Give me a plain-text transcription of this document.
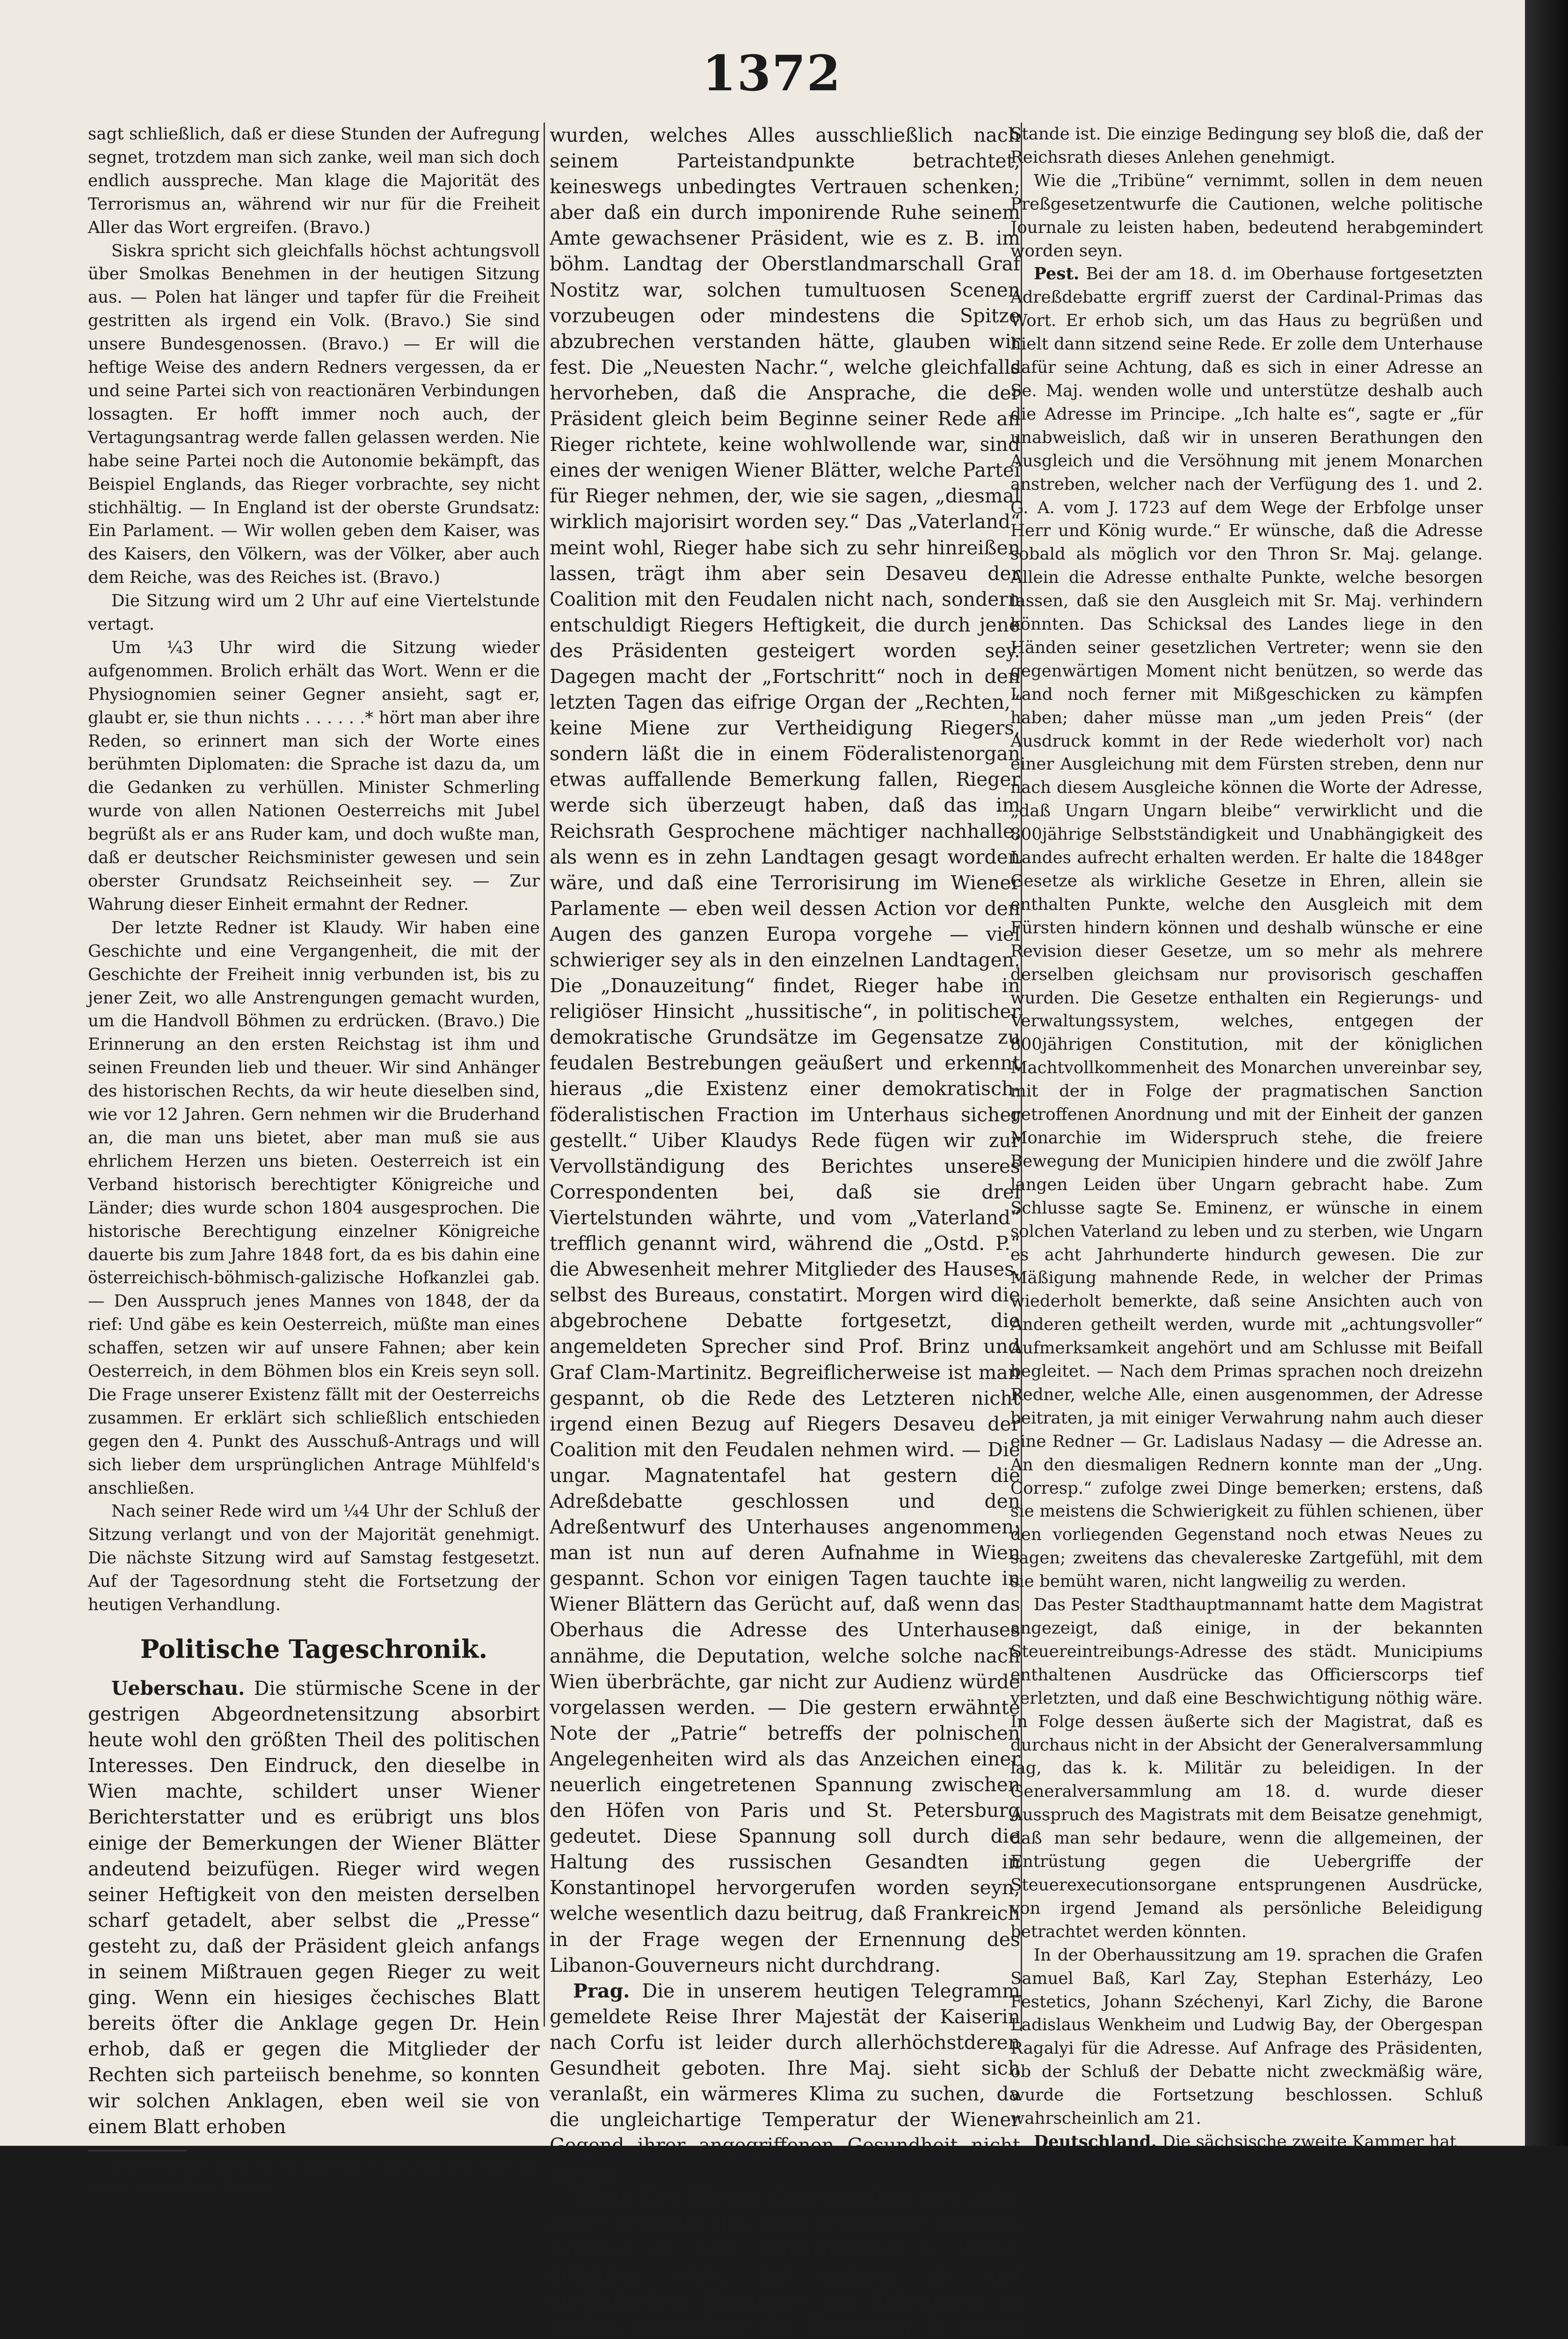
1372

sagt schließlich, daß er diese Stunden der Aufregung segnet, trotzdem man sich zanke, weil man sich doch endlich ausspreche. Man klage die Majorität des Terrorismus an, während wir nur für die Freiheit Aller das Wort ergreifen. (Bravo.)

Siskra spricht sich gleichfalls höchst achtungsvoll über Smolkas Benehmen in der heutigen Sitzung aus. — Polen hat länger und tapfer für die Freiheit gestritten als irgend ein Volk. (Bravo.) Sie sind unsere Bundesgenossen. (Bravo.) — Er will die heftige Weise des andern Redners vergessen, da er und seine Partei sich von reactionären Verbindungen lossagten. Er hofft immer noch auch, der Vertagungsantrag werde fallen gelassen werden. Nie habe seine Partei noch die Autonomie bekämpft, das Beispiel Englands, das Rieger vorbrachte, sey nicht stichhältig. — In England ist der oberste Grundsatz: Ein Parlament. — Wir wollen geben dem Kaiser, was des Kaisers, den Völkern, was der Völker, aber auch dem Reiche, was des Reiches ist. (Bravo.)

Die Sitzung wird um 2 Uhr auf eine Viertelstunde vertagt.

Um ¼3 Uhr wird die Sitzung wieder aufgenommen. Brolich erhält das Wort. Wenn er die Physiognomien seiner Gegner ansieht, sagt er, glaubt er, sie thun nichts . . . . . .* hört man aber ihre Reden, so erinnert man sich der Worte eines berühmten Diplomaten: die Sprache ist dazu da, um die Gedanken zu verhüllen. Minister Schmerling wurde von allen Nationen Oesterreichs mit Jubel begrüßt als er ans Ruder kam, und doch wußte man, daß er deutscher Reichsminister gewesen und sein oberster Grundsatz Reichseinheit sey. — Zur Wahrung dieser Einheit ermahnt der Redner.

Der letzte Redner ist Klaudy. Wir haben eine Geschichte und eine Vergangenheit, die mit der Geschichte der Freiheit innig verbunden ist, bis zu jener Zeit, wo alle Anstrengungen gemacht wurden, um die Handvoll Böhmen zu erdrücken. (Bravo.) Die Erinnerung an den ersten Reichstag ist ihm und seinen Freunden lieb und theuer. Wir sind Anhänger des historischen Rechts, da wir heute dieselben sind, wie vor 12 Jahren. Gern nehmen wir die Bruderhand an, die man uns bietet, aber man muß sie aus ehrlichem Herzen uns bieten. Oesterreich ist ein Verband historisch berechtigter Königreiche und Länder; dies wurde schon 1804 ausgesprochen. Die historische Berechtigung einzelner Königreiche dauerte bis zum Jahre 1848 fort, da es bis dahin eine österreichisch-böhmisch-galizische Hofkanzlei gab. — Den Ausspruch jenes Mannes von 1848, der da rief: Und gäbe es kein Oesterreich, müßte man eines schaffen, setzen wir auf unsere Fahnen; aber kein Oesterreich, in dem Böhmen blos ein Kreis seyn soll. Die Frage unserer Existenz fällt mit der Oesterreichs zusammen. Er erklärt sich schließlich entschieden gegen den 4. Punkt des Ausschuß-Antrags und will sich lieber dem ursprünglichen Antrage Mühlfeld's anschließen.

Nach seiner Rede wird um ¼4 Uhr der Schluß der Sitzung verlangt und von der Majorität genehmigt. Die nächste Sitzung wird auf Samstag festgesetzt. Auf der Tagesordnung steht die Fortsetzung der heutigen Verhandlung.

Politische Tageschronik.

Ueberschau. Die stürmische Scene in der gestrigen Abgeordnetensitzung absorbirt heute wohl den größten Theil des politischen Interesses. Den Eindruck, den dieselbe in Wien machte, schildert unser Wiener Berichterstatter und es erübrigt uns blos einige der Bemerkungen der Wiener Blätter andeutend beizufügen. Rieger wird wegen seiner Heftigkeit von den meisten derselben scharf getadelt, aber selbst die „Presse“ gesteht zu, daß der Präsident gleich anfangs in seinem Mißtrauen gegen Rieger zu weit ging. Wenn ein hiesiges čechisches Blatt bereits öfter die Anklage gegen Dr. Hein erhob, daß er gegen die Mitglieder der Rechten sich parteiisch benehme, so konnten wir solchen Anklagen, eben weil sie von einem Blatt erhoben

* Das fehlende Wort ist so undeutlich geschrieben, daß wir es nicht entziffern können.

wurden, welches Alles ausschließlich nach seinem Parteistandpunkte betrachtet, keineswegs unbedingtes Vertrauen schenken; aber daß ein durch imponirende Ruhe seinem Amte gewachsener Präsident, wie es z. B. im böhm. Landtag der Oberstlandmarschall Graf Nostitz war, solchen tumultuosen Scenen vorzubeugen oder mindestens die Spitze abzubrechen verstanden hätte, glauben wir fest. Die „Neuesten Nachr.“, welche gleichfalls hervorheben, daß die Ansprache, die der Präsident gleich beim Beginne seiner Rede an Rieger richtete, keine wohlwollende war, sind eines der wenigen Wiener Blätter, welche Partei für Rieger nehmen, der, wie sie sagen, „diesmal wirklich majorisirt worden sey.“ Das „Vaterland“ meint wohl, Rieger habe sich zu sehr hinreißen lassen, trägt ihm aber sein Desaveu der Coalition mit den Feudalen nicht nach, sondern entschuldigt Riegers Heftigkeit, die durch jene des Präsidenten gesteigert worden sey. Dagegen macht der „Fortschritt“ noch in den letzten Tagen das eifrige Organ der „Rechten,“ keine Miene zur Vertheidigung Riegers, sondern läßt die in einem Föderalistenorgan etwas auffallende Bemerkung fallen, Rieger werde sich überzeugt haben, daß das im Reichsrath Gesprochene mächtiger nachhalle, als wenn es in zehn Landtagen gesagt worden wäre, und daß eine Terrorisirung im Wiener Parlamente — eben weil dessen Action vor den Augen des ganzen Europa vorgehe — viel schwieriger sey als in den einzelnen Landtagen. Die „Donauzeitung“ findet, Rieger habe in religiöser Hinsicht „hussitische“, in politischer demokratische Grundsätze im Gegensatze zu feudalen Bestrebungen geäußert und erkennt hieraus „die Existenz einer demokratisch-föderalistischen Fraction im Unterhaus sicher gestellt.“ Uiber Klaudys Rede fügen wir zur Vervollständigung des Berichtes unseres Correspondenten bei, daß sie drei Viertelstunden währte, und vom „Vaterland“ trefflich genannt wird, während die „Ostd. P.“ die Abwesenheit mehrer Mitglieder des Hauses, selbst des Bureaus, constatirt. Morgen wird die abgebrochene Debatte fortgesetzt, die angemeldeten Sprecher sind Prof. Brinz und Graf Clam-Martinitz. Begreiflicherweise ist man gespannt, ob die Rede des Letzteren nicht irgend einen Bezug auf Riegers Desaveu der Coalition mit den Feudalen nehmen wird. — Die ungar. Magnatentafel hat gestern die Adreßdebatte geschlossen und den Adreßentwurf des Unterhauses angenommen; man ist nun auf deren Aufnahme in Wien gespannt. Schon vor einigen Tagen tauchte in Wiener Blättern das Gerücht auf, daß wenn das Oberhaus die Adresse des Unterhauses annähme, die Deputation, welche solche nach Wien überbrächte, gar nicht zur Audienz würde vorgelassen werden. — Die gestern erwähnte Note der „Patrie“ betreffs der polnischen Angelegenheiten wird als das Anzeichen einer neuerlich eingetretenen Spannung zwischen den Höfen von Paris und St. Petersburg gedeutet. Diese Spannung soll durch die Haltung des russischen Gesandten in Konstantinopel hervorgerufen worden seyn, welche wesentlich dazu beitrug, daß Frankreich in der Frage wegen der Ernennung des Libanon-Gouverneurs nicht durchdrang.

Prag. Die in unserem heutigen Telegramm gemeldete Reise Ihrer Majestät der Kaiserin nach Corfu ist leider durch allerhöchstderen Gesundheit geboten. Ihre Maj. sieht sich veranlaßt, ein wärmeres Klima zu suchen, da die ungleichartige Temperatur der Wiener Gegend ihrer angegriffenen Gesundheit nicht zusagt.

Wien. Der Wiener Correspondent des „Süd-göny“ berichtet das stark verbreitete Gerücht, wornach es dem Finanzminister v. Plener gelungen wäre, mit mehren in- und ausländischen Banquiers ein Abkommen zu treffen, demzufolge die Regierung in jedem

Stande ist. Die einzige Bedingung sey bloß die, daß der Reichsrath dieses Anlehen genehmigt.

Wie die „Tribüne“ vernimmt, sollen in dem neuen Preßgesetzentwurfe die Cautionen, welche politische Journale zu leisten haben, bedeutend herabgemindert worden seyn.

Pest. Bei der am 18. d. im Oberhause fortgesetzten Adreßdebatte ergriff zuerst der Cardinal-Primas das Wort. Er erhob sich, um das Haus zu begrüßen und hielt dann sitzend seine Rede. Er zolle dem Unterhause dafür seine Achtung, daß es sich in einer Adresse an Se. Maj. wenden wolle und unterstütze deshalb auch die Adresse im Principe. „Ich halte es“, sagte er „für unabweislich, daß wir in unseren Berathungen den Ausgleich und die Versöhnung mit jenem Monarchen anstreben, welcher nach der Verfügung des 1. und 2. G. A. vom J. 1723 auf dem Wege der Erbfolge unser Herr und König wurde.“ Er wünsche, daß die Adresse sobald als möglich vor den Thron Sr. Maj. gelange. Allein die Adresse enthalte Punkte, welche besorgen lassen, daß sie den Ausgleich mit Sr. Maj. verhindern könnten. Das Schicksal des Landes liege in den Händen seiner gesetzlichen Vertreter; wenn sie den gegenwärtigen Moment nicht benützen, so werde das Land noch ferner mit Mißgeschicken zu kämpfen haben; daher müsse man „um jeden Preis“ (der Ausdruck kommt in der Rede wiederholt vor) nach einer Ausgleichung mit dem Fürsten streben, denn nur nach diesem Ausgleiche können die Worte der Adresse, „daß Ungarn Ungarn bleibe“ verwirklicht und die 800jährige Selbstständigkeit und Unabhängigkeit des Landes aufrecht erhalten werden. Er halte die 1848ger Gesetze als wirkliche Gesetze in Ehren, allein sie enthalten Punkte, welche den Ausgleich mit dem Fürsten hindern können und deshalb wünsche er eine Revision dieser Gesetze, um so mehr als mehrere derselben gleichsam nur provisorisch geschaffen wurden. Die Gesetze enthalten ein Regierungs- und Verwaltungssystem, welches, entgegen der 800jährigen Constitution, mit der königlichen Machtvollkommenheit des Monarchen unvereinbar sey, mit der in Folge der pragmatischen Sanction getroffenen Anordnung und mit der Einheit der ganzen Monarchie im Widerspruch stehe, die freiere Bewegung der Municipien hindere und die zwölf Jahre langen Leiden über Ungarn gebracht habe. Zum Schlusse sagte Se. Eminenz, er wünsche in einem solchen Vaterland zu leben und zu sterben, wie Ungarn es acht Jahrhunderte hindurch gewesen. Die zur Mäßigung mahnende Rede, in welcher der Primas wiederholt bemerkte, daß seine Ansichten auch von Anderen getheilt werden, wurde mit „achtungsvoller“ Aufmerksamkeit angehört und am Schlusse mit Beifall begleitet. — Nach dem Primas sprachen noch dreizehn Redner, welche Alle, einen ausgenommen, der Adresse beitraten, ja mit einiger Verwahrung nahm auch dieser eine Redner — Gr. Ladislaus Nadasy — die Adresse an. An den diesmaligen Rednern konnte man der „Ung. Corresp.“ zufolge zwei Dinge bemerken; erstens, daß sie meistens die Schwierigkeit zu fühlen schienen, über den vorliegenden Gegenstand noch etwas Neues zu sagen; zweitens das chevalereske Zartgefühl, mit dem sie bemüht waren, nicht langweilig zu werden.

Das Pester Stadthauptmannamt hatte dem Magistrat angezeigt, daß einige, in der bekannten Steuereintreibungs-Adresse des städt. Municipiums enthaltenen Ausdrücke das Officierscorps tief verletzten, und daß eine Beschwichtigung nöthig wäre. In Folge dessen äußerte sich der Magistrat, daß es durchaus nicht in der Absicht der Generalversammlung lag, das k. k. Militär zu beleidigen. In der Generalversammlung am 18. d. wurde dieser Ausspruch des Magistrats mit dem Beisatze genehmigt, daß man sehr bedaure, wenn die allgemeinen, der Entrüstung gegen die Uebergriffe der Steuerexecutionsorgane entsprungenen Ausdrücke, von irgend Jemand als persönliche Beleidigung betrachtet werden könnten.

In der Oberhaussitzung am 19. sprachen die Grafen Samuel Baß, Karl Zay, Stephan Esterházy, Leo Festetics, Johann Széchenyi, Karl Zichy, die Barone Ladislaus Wenkheim und Ludwig Bay, der Obergespan Ragalyi für die Adresse. Auf Anfrage des Präsidenten, ob der Schluß der Debatte nicht zweckmäßig wäre, wurde die Fortsetzung beschlossen. Schluß wahrscheinlich am 21.

Deutschland. Die sächsische zweite Kammer hat
